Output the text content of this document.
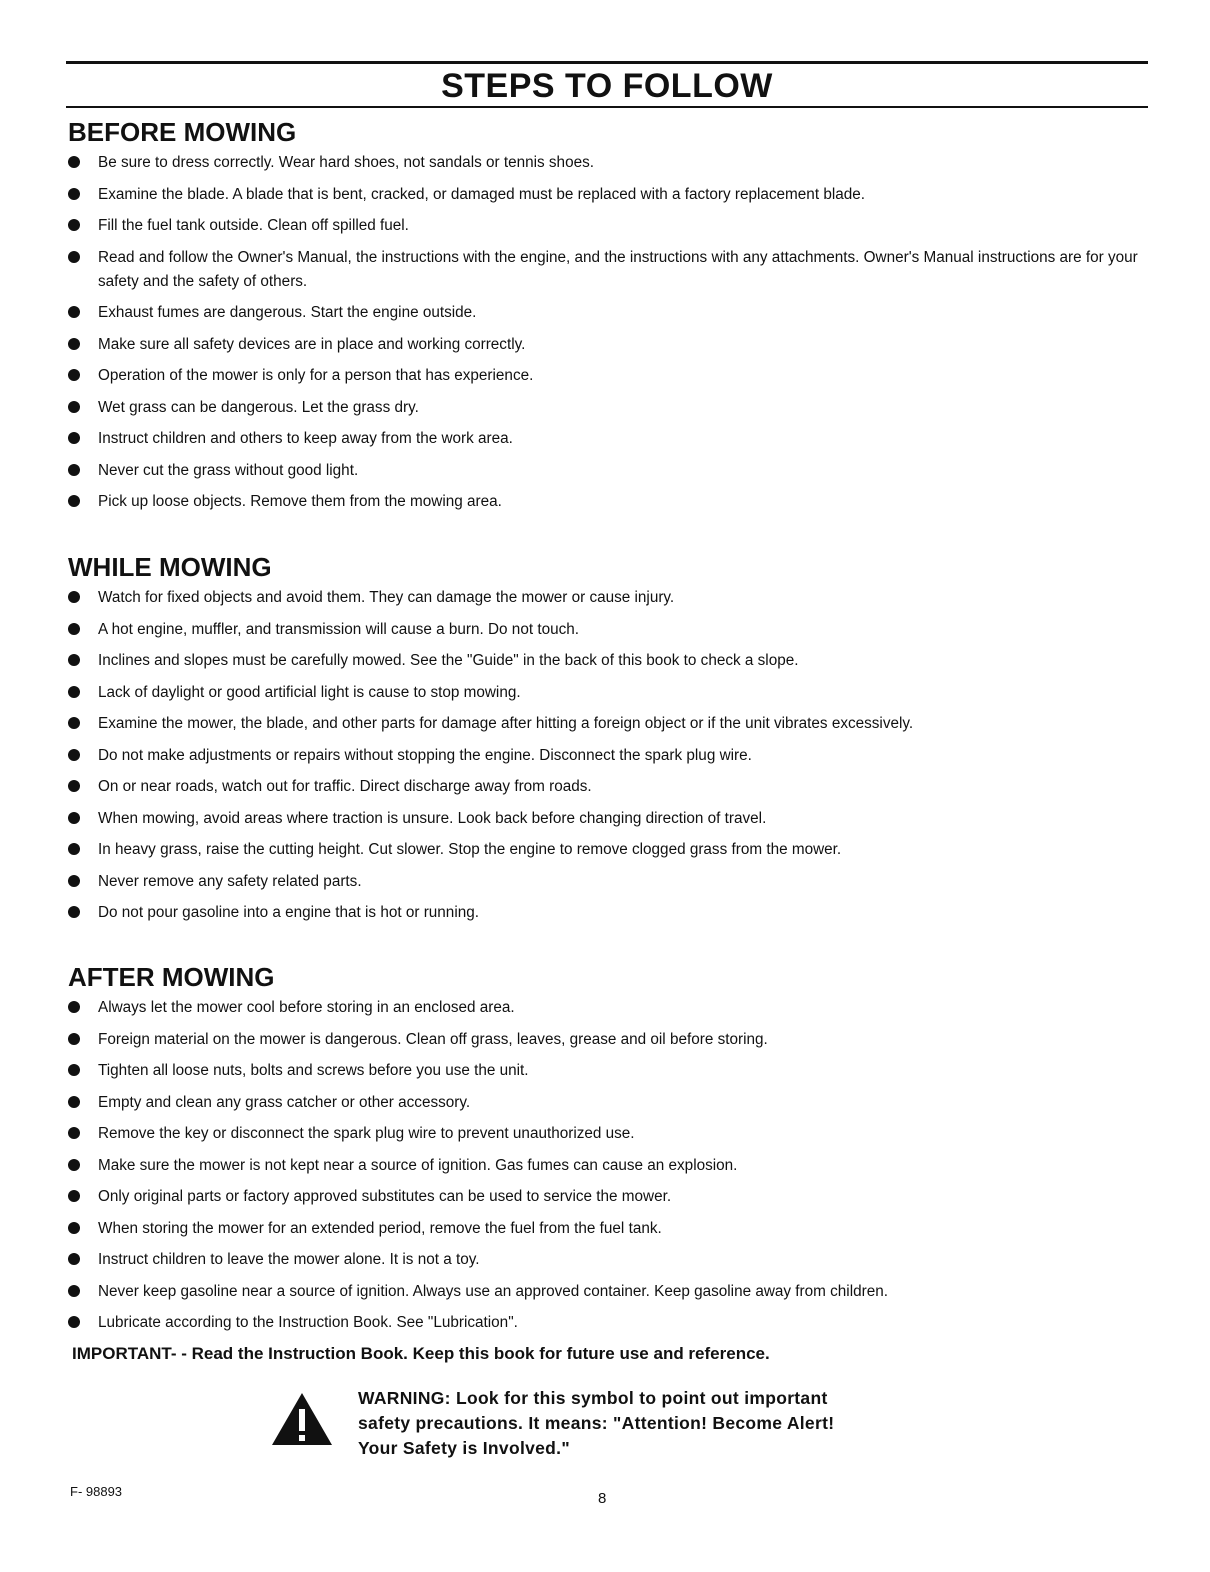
STEPS TO FOLLOW
BEFORE MOWING
Be sure to dress correctly. Wear hard shoes, not sandals or tennis shoes.
Examine the blade. A blade that is bent, cracked, or damaged must be replaced with a factory replacement blade.
Fill the fuel tank outside. Clean off spilled fuel.
Read and follow the Owner's Manual, the instructions with the engine, and the instructions with any attachments. Owner's Manual instructions are for your safety and the safety of others.
Exhaust fumes are dangerous. Start the engine outside.
Make sure all safety devices are in place and working correctly.
Operation of the mower is only for a person that has experience.
Wet grass can be dangerous. Let the grass dry.
Instruct children and others to keep away from the work area.
Never cut the grass without good light.
Pick up loose objects. Remove them from the mowing area.
WHILE MOWING
Watch for fixed objects and avoid them. They can damage the mower or cause injury.
A hot engine, muffler, and transmission will cause a burn. Do not touch.
Inclines and slopes must be carefully mowed. See the "Guide" in the back of this book to check a slope.
Lack of daylight or good artificial light is cause to stop mowing.
Examine the mower, the blade, and other parts for damage after hitting a foreign object or if the unit vibrates excessively.
Do not make adjustments or repairs without stopping the engine. Disconnect the spark plug wire.
On or near roads, watch out for traffic. Direct discharge away from roads.
When mowing, avoid areas where traction is unsure. Look back before changing direction of travel.
In heavy grass, raise the cutting height. Cut slower. Stop the engine to remove clogged grass from the mower.
Never remove any safety related parts.
Do not pour gasoline into a engine that is hot or running.
AFTER MOWING
Always let the mower cool before storing in an enclosed area.
Foreign material on the mower is dangerous. Clean off grass, leaves, grease and oil before storing.
Tighten all loose nuts, bolts and screws before you use the unit.
Empty and clean any grass catcher or other accessory.
Remove the key or disconnect the spark plug wire to prevent unauthorized use.
Make sure the mower is not kept near a source of ignition. Gas fumes can cause an explosion.
Only original parts or factory approved substitutes can be used to service the mower.
When storing the mower for an extended period, remove the fuel from the fuel tank.
Instruct children to leave the mower alone. It is not a toy.
Never keep gasoline near a source of ignition. Always use an approved container. Keep gasoline away from children.
Lubricate according to the Instruction Book. See "Lubrication".

IMPORTANT- - Read the Instruction Book. Keep this book for future use and reference.

WARNING: Look for this symbol to point out important
safety precautions. It means: "Attention! Become Alert!
Your Safety is Involved."

F- 98893	8
